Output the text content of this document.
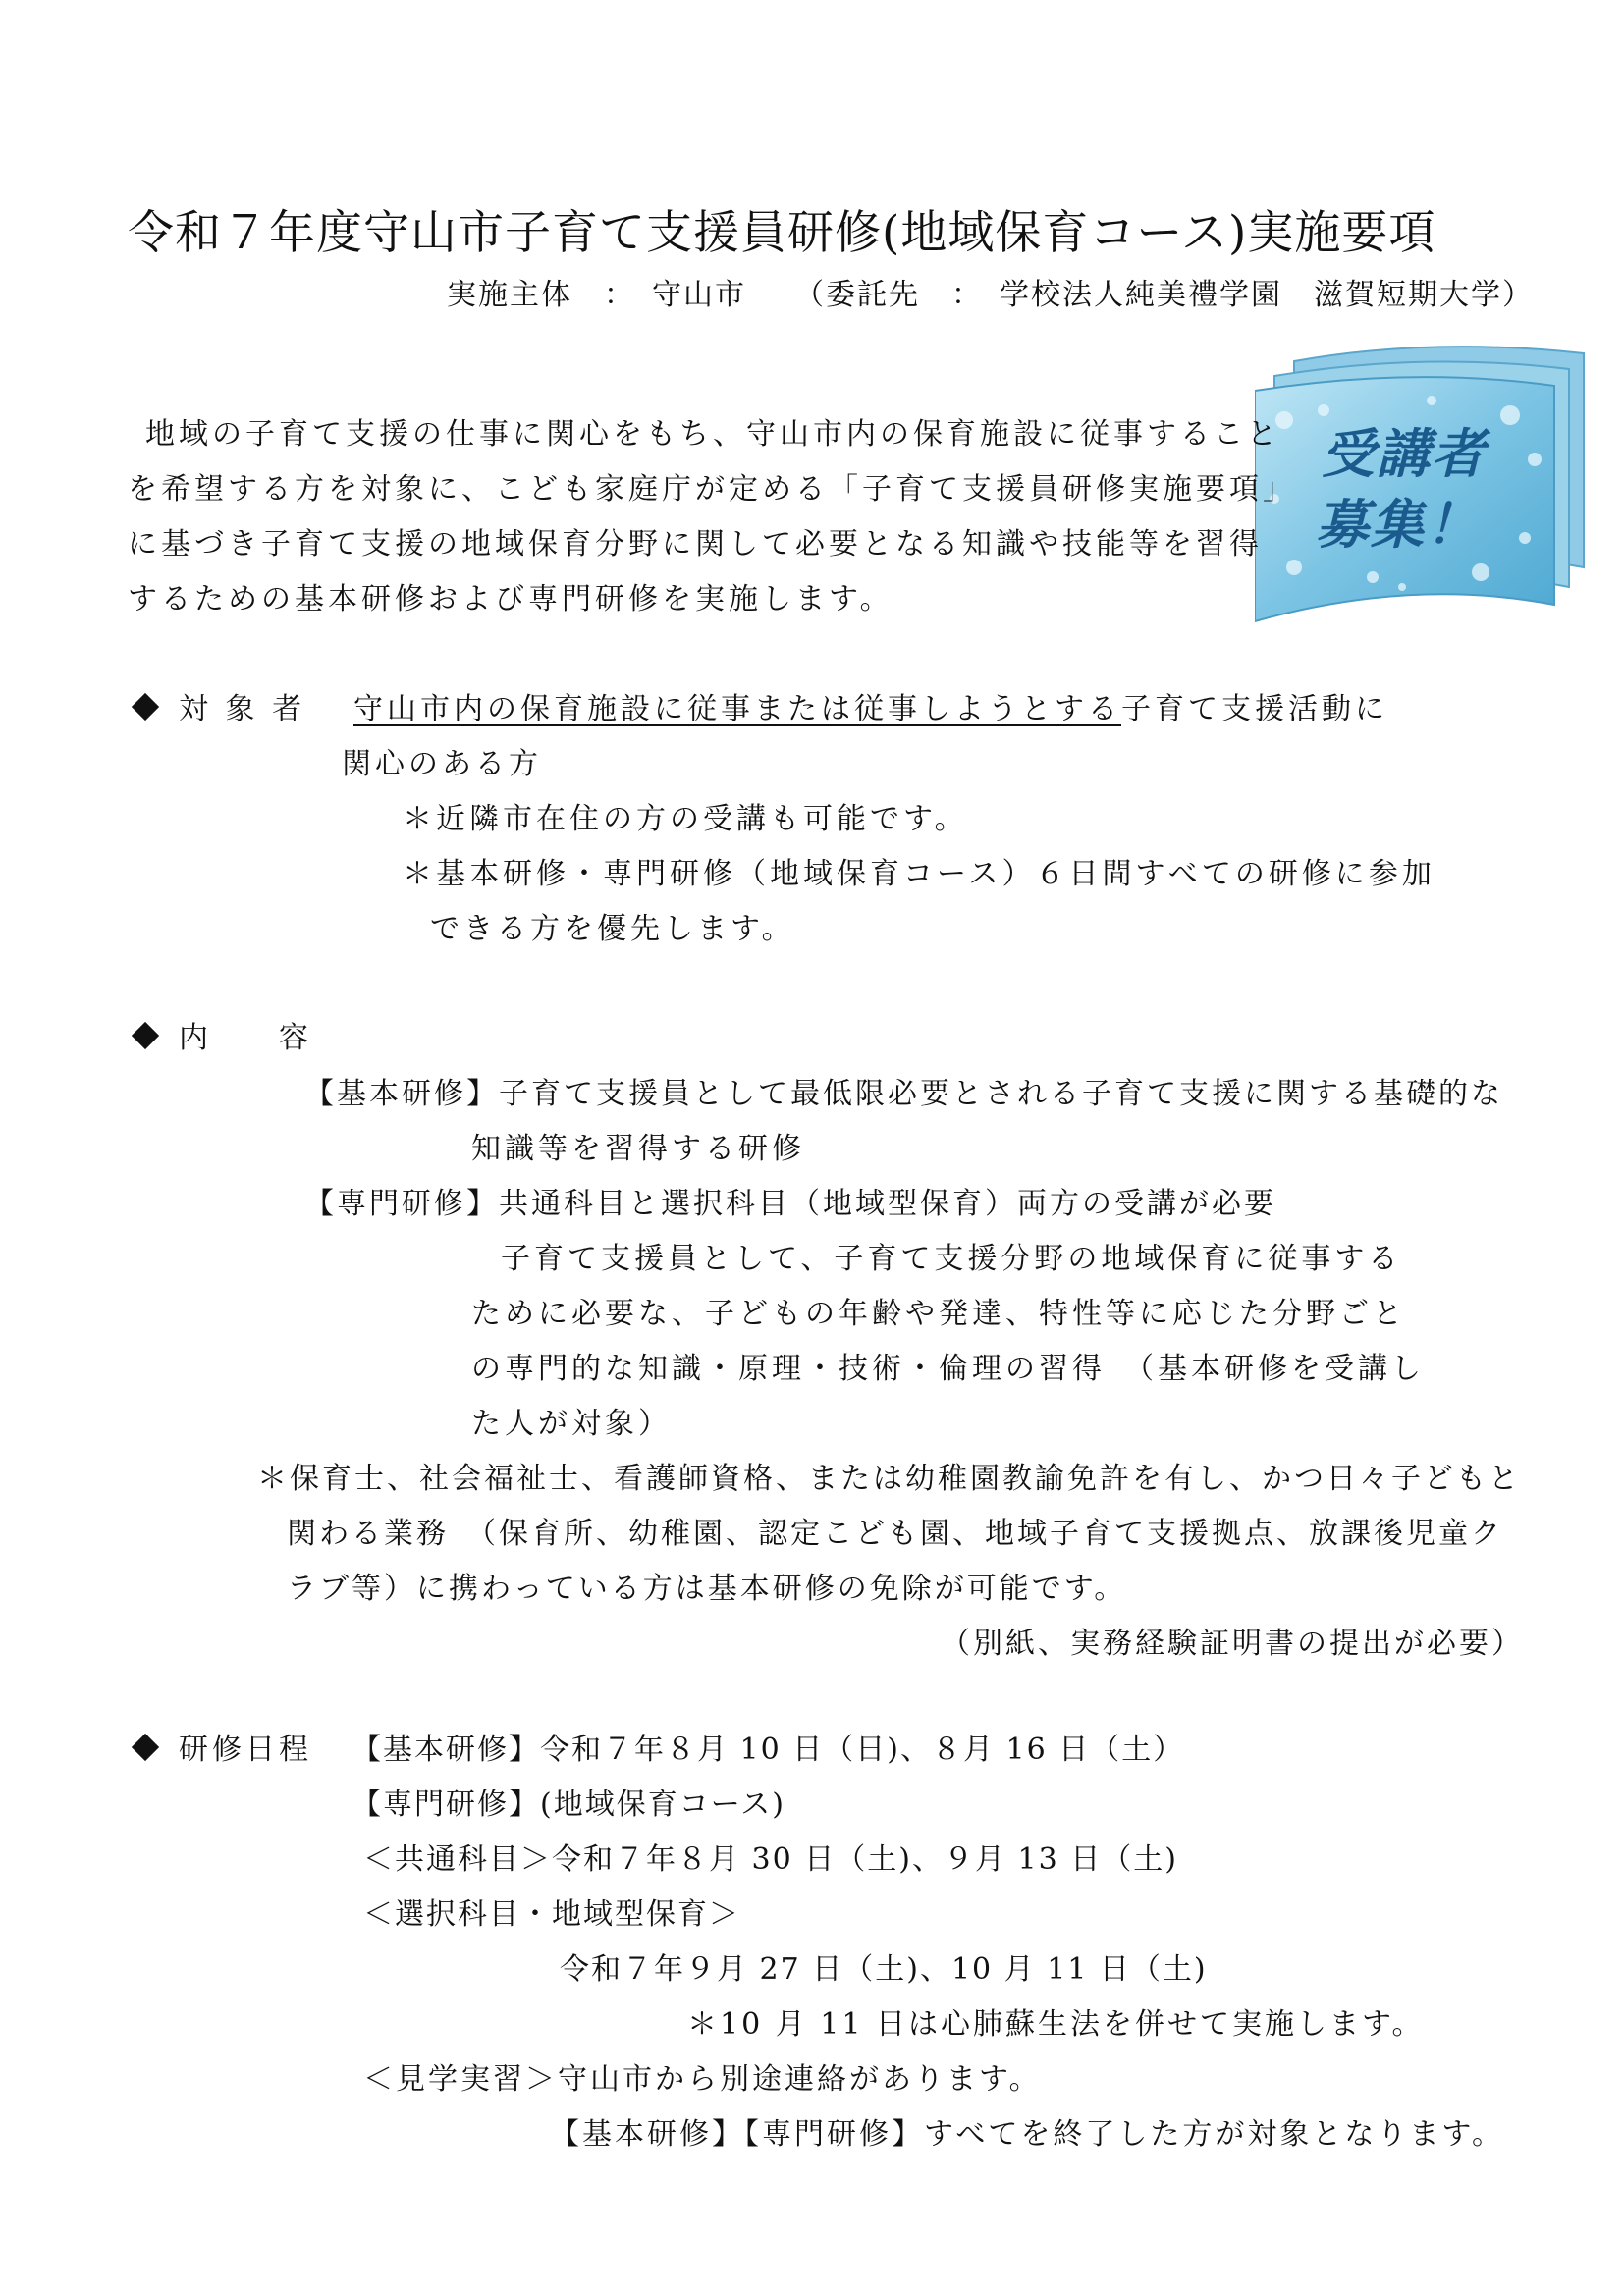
令和７年度守山市子育て支援員研修(地域保育コース)実施要項
実施主体　：　守山市　　（委託先　：　学校法人純美禮学園　滋賀短期大学）
受講者
募集！
地域の子育て支援の仕事に関心をもち、守山市内の保育施設に従事すること
を希望する方を対象に、こども家庭庁が定める「子育て支援員研修実施要項」
に基づき子育て支援の地域保育分野に関して必要となる知識や技能等を習得
するための基本研修および専門研修を実施します。
対 象 者 守山市内の保育施設に従事または従事しようとする子育て支援活動に
関心のある方
＊近隣市在住の方の受講も可能です。
＊基本研修・専門研修（地域保育コース）６日間すべての研修に参加
できる方を優先します。
内　　容
【基本研修】子育て支援員として最低限必要とされる子育て支援に関する基礎的な
知識等を習得する研修
【専門研修】共通科目と選択科目（地域型保育）両方の受講が必要
子育て支援員として、子育て支援分野の地域保育に従事する
ために必要な、子どもの年齢や発達、特性等に応じた分野ごと
の専門的な知識・原理・技術・倫理の習得　（基本研修を受講し
た人が対象）
＊保育士、社会福祉士、看護師資格、または幼稚園教諭免許を有し、かつ日々子どもと
関わる業務　（保育所、幼稚園、認定こども園、地域子育て支援拠点、放課後児童ク
ラブ等）に携わっている方は基本研修の免除が可能です。
（別紙、実務経験証明書の提出が必要）
研修日程 【基本研修】令和７年８月 10 日（日)、８月 16 日（土）
【専門研修】(地域保育コース)
＜共通科目＞令和７年８月 30 日（土)、９月 13 日（土)
＜選択科目・地域型保育＞
令和７年９月 27 日（土)、10 月 11 日（土)
＊10 月 11 日は心肺蘇生法を併せて実施します。
＜見学実習＞守山市から別途連絡があります。
【基本研修】【専門研修】すべてを終了した方が対象となります。
